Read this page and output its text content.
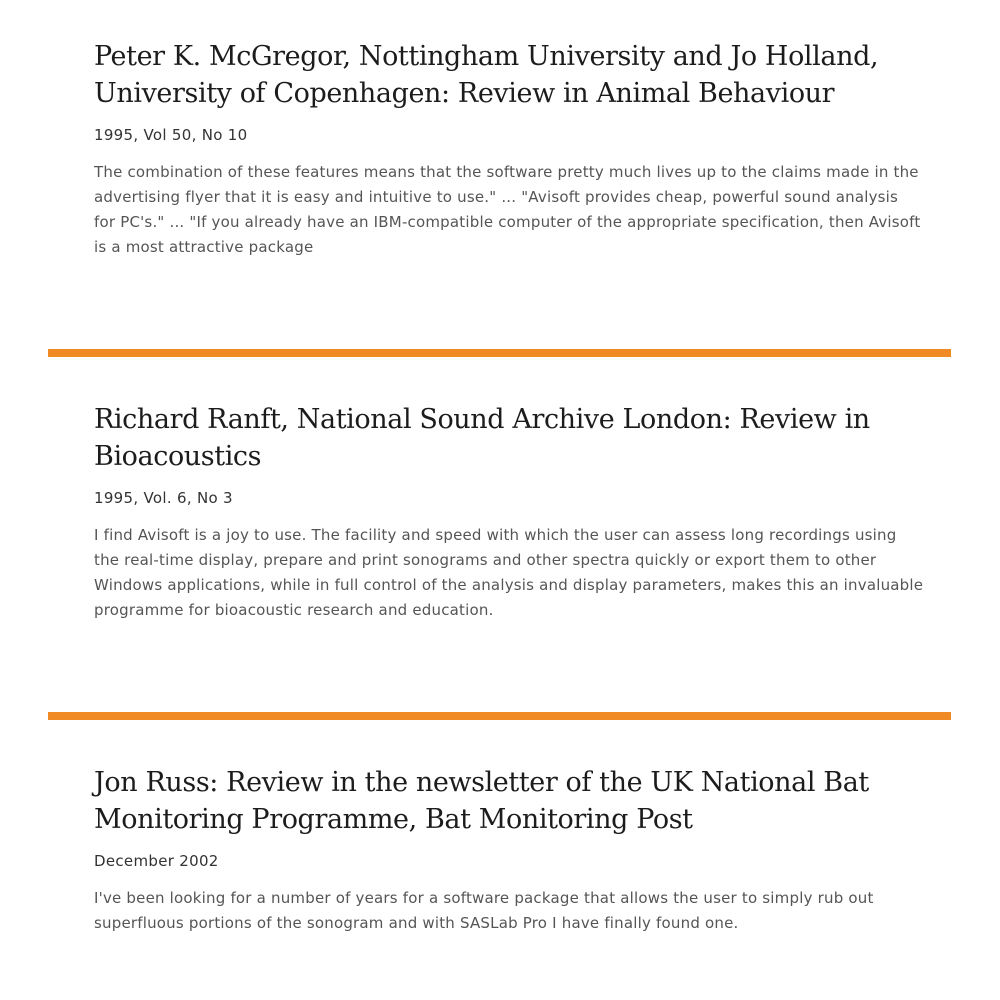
Peter K. McGregor, Nottingham University and Jo Holland, University of Copenhagen: Review in Animal Behaviour

1995, Vol 50, No 10

The combination of these features means that the software pretty much lives up to the claims made in the advertising flyer that it is easy and intuitive to use." ... "Avisoft provides cheap, powerful sound analysis for PC's." ... "If you already have an IBM-compatible computer of the appropriate specification, then Avisoft is a most attractive package

Richard Ranft, National Sound Archive London: Review in Bioacoustics

1995, Vol. 6, No 3

I find Avisoft is a joy to use. The facility and speed with which the user can assess long recordings using the real-time display, prepare and print sonograms and other spectra quickly or export them to other Windows applications, while in full control of the analysis and display parameters, makes this an invaluable programme for bioacoustic research and education.

Jon Russ: Review in the newsletter of the UK National Bat Monitoring Programme, Bat Monitoring Post

December 2002

I've been looking for a number of years for a software package that allows the user to simply rub out superfluous portions of the sonogram and with SASLab Pro I have finally found one.
